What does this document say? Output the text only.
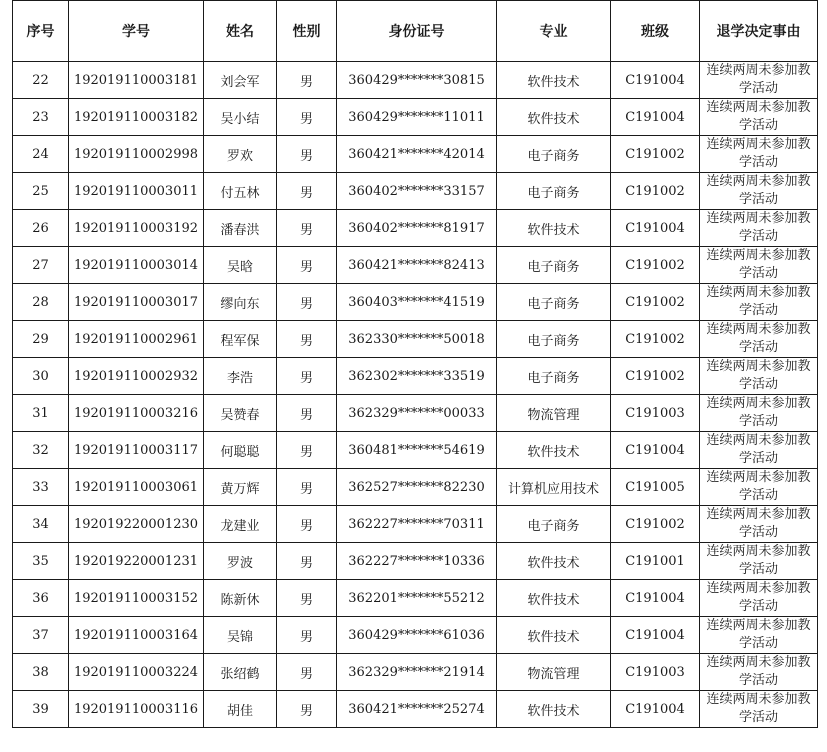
序号	学号	姓名	性别	身份证号	专业	班级	退学决定事由
22	192019110003181	刘会军	男	360429*******30815	软件技术	C191004	连续两周未参加教学活动
23	192019110003182	吴小结	男	360429*******11011	软件技术	C191004	连续两周未参加教学活动
24	192019110002998	罗欢	男	360421*******42014	电子商务	C191002	连续两周未参加教学活动
25	192019110003011	付五林	男	360402*******33157	电子商务	C191002	连续两周未参加教学活动
26	192019110003192	潘春洪	男	360402*******81917	软件技术	C191004	连续两周未参加教学活动
27	192019110003014	吴晗	男	360421*******82413	电子商务	C191002	连续两周未参加教学活动
28	192019110003017	缪向东	男	360403*******41519	电子商务	C191002	连续两周未参加教学活动
29	192019110002961	程军保	男	362330*******50018	电子商务	C191002	连续两周未参加教学活动
30	192019110002932	李浩	男	362302*******33519	电子商务	C191002	连续两周未参加教学活动
31	192019110003216	吴赞春	男	362329*******00033	物流管理	C191003	连续两周未参加教学活动
32	192019110003117	何聪聪	男	360481*******54619	软件技术	C191004	连续两周未参加教学活动
33	192019110003061	黄万辉	男	362527*******82230	计算机应用技术	C191005	连续两周未参加教学活动
34	192019220001230	龙建业	男	362227*******70311	电子商务	C191002	连续两周未参加教学活动
35	192019220001231	罗波	男	362227*******10336	软件技术	C191001	连续两周未参加教学活动
36	192019110003152	陈新休	男	362201*******55212	软件技术	C191004	连续两周未参加教学活动
37	192019110003164	吴锦	男	360429*******61036	软件技术	C191004	连续两周未参加教学活动
38	192019110003224	张绍鹤	男	362329*******21914	物流管理	C191003	连续两周未参加教学活动
39	192019110003116	胡佳	男	360421*******25274	软件技术	C191004	连续两周未参加教学活动
